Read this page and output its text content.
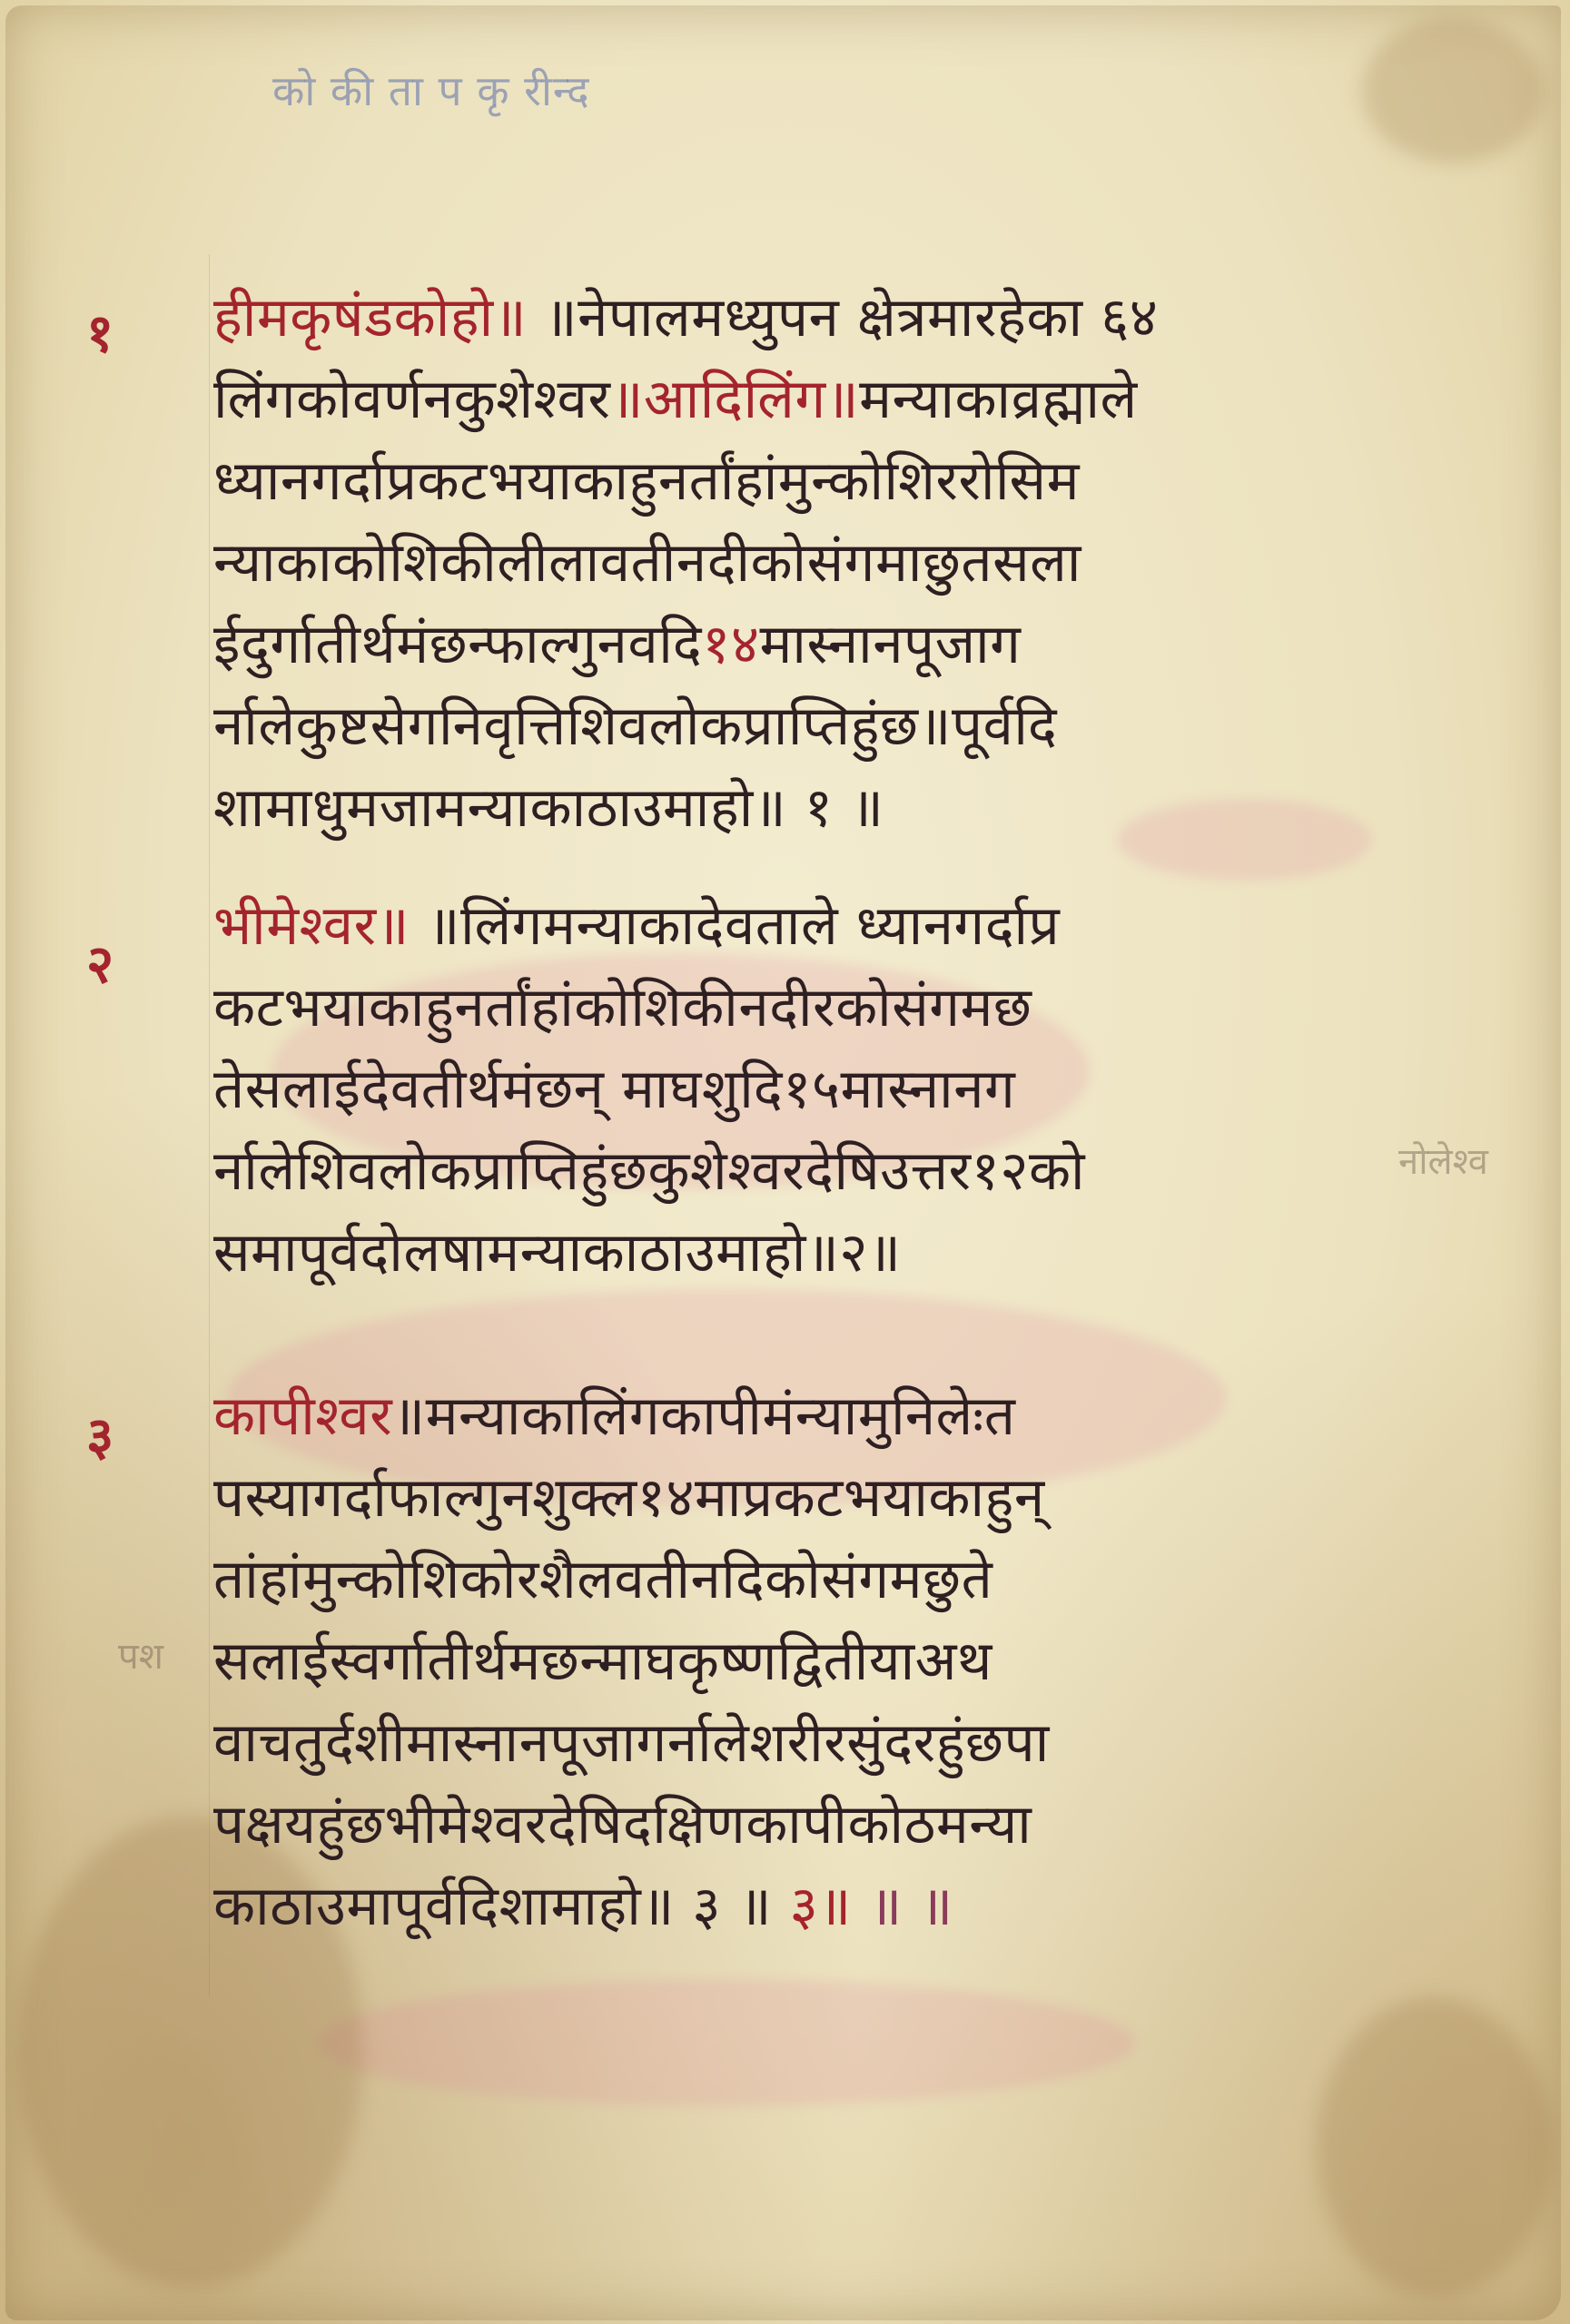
को की ता प कृ रीन्द
नोलेश्व
पश
१ हीमकृषंडकोहो॥ ॥नेपालमध्युपन क्षेत्रमारहेका ६४
लिंगकोवर्णनकुशेश्वर॥आदिलिंग॥मन्याकाव्रह्माले
ध्यानगर्दाप्रकटभयाकाहुनर्तांहांमुन्कोशिररोसिम
न्याकाकोशिकीलीलावतीनदीकोसंगमाछुतसला
ईदुर्गातीर्थमंछन्फाल्गुनवदि१४मास्नानपूजाग
र्नालेकुष्टसेगनिवृत्तिशिवलोकप्राप्तिहुंछ॥पूर्वदि
शामाधुमजामन्याकाठाउमाहो॥ १ ॥
२
भीमेश्वर॥ ॥लिंगमन्याकादेवताले ध्यानगर्दाप्र
कटभयाकाहुनर्तांहांकोशिकीनदीरकोसंगमछ
तेसलाईदेवतीर्थमंछन् माघशुदि१५मास्नानग
र्नालेशिवलोकप्राप्तिहुंछकुशेश्वरदेषिउत्तर१२को
समापूर्वदोलषामन्याकाठाउमाहो॥२॥
३ कापीश्वर॥मन्याकालिंगकापीमंन्यामुनिलेःत
पस्यागर्दाफाल्गुनशुक्ल१४माप्रकटभयाकाहुन्
तांहांमुन्कोशिकोरशैलवतीनदिकोसंगमछुते
सलाईस्वर्गातीर्थमछन्माघकृष्णद्वितीयाअथ
वाचतुर्दशीमास्नानपूजागर्नालेशरीरसुंदरहुंछपा
पक्षयहुंछभीमेश्वरदेषिदक्षिणकापीकोठमन्या
काठाउमापूर्वदिशामाहो॥ ३ ॥ ३॥ ॥ ॥
